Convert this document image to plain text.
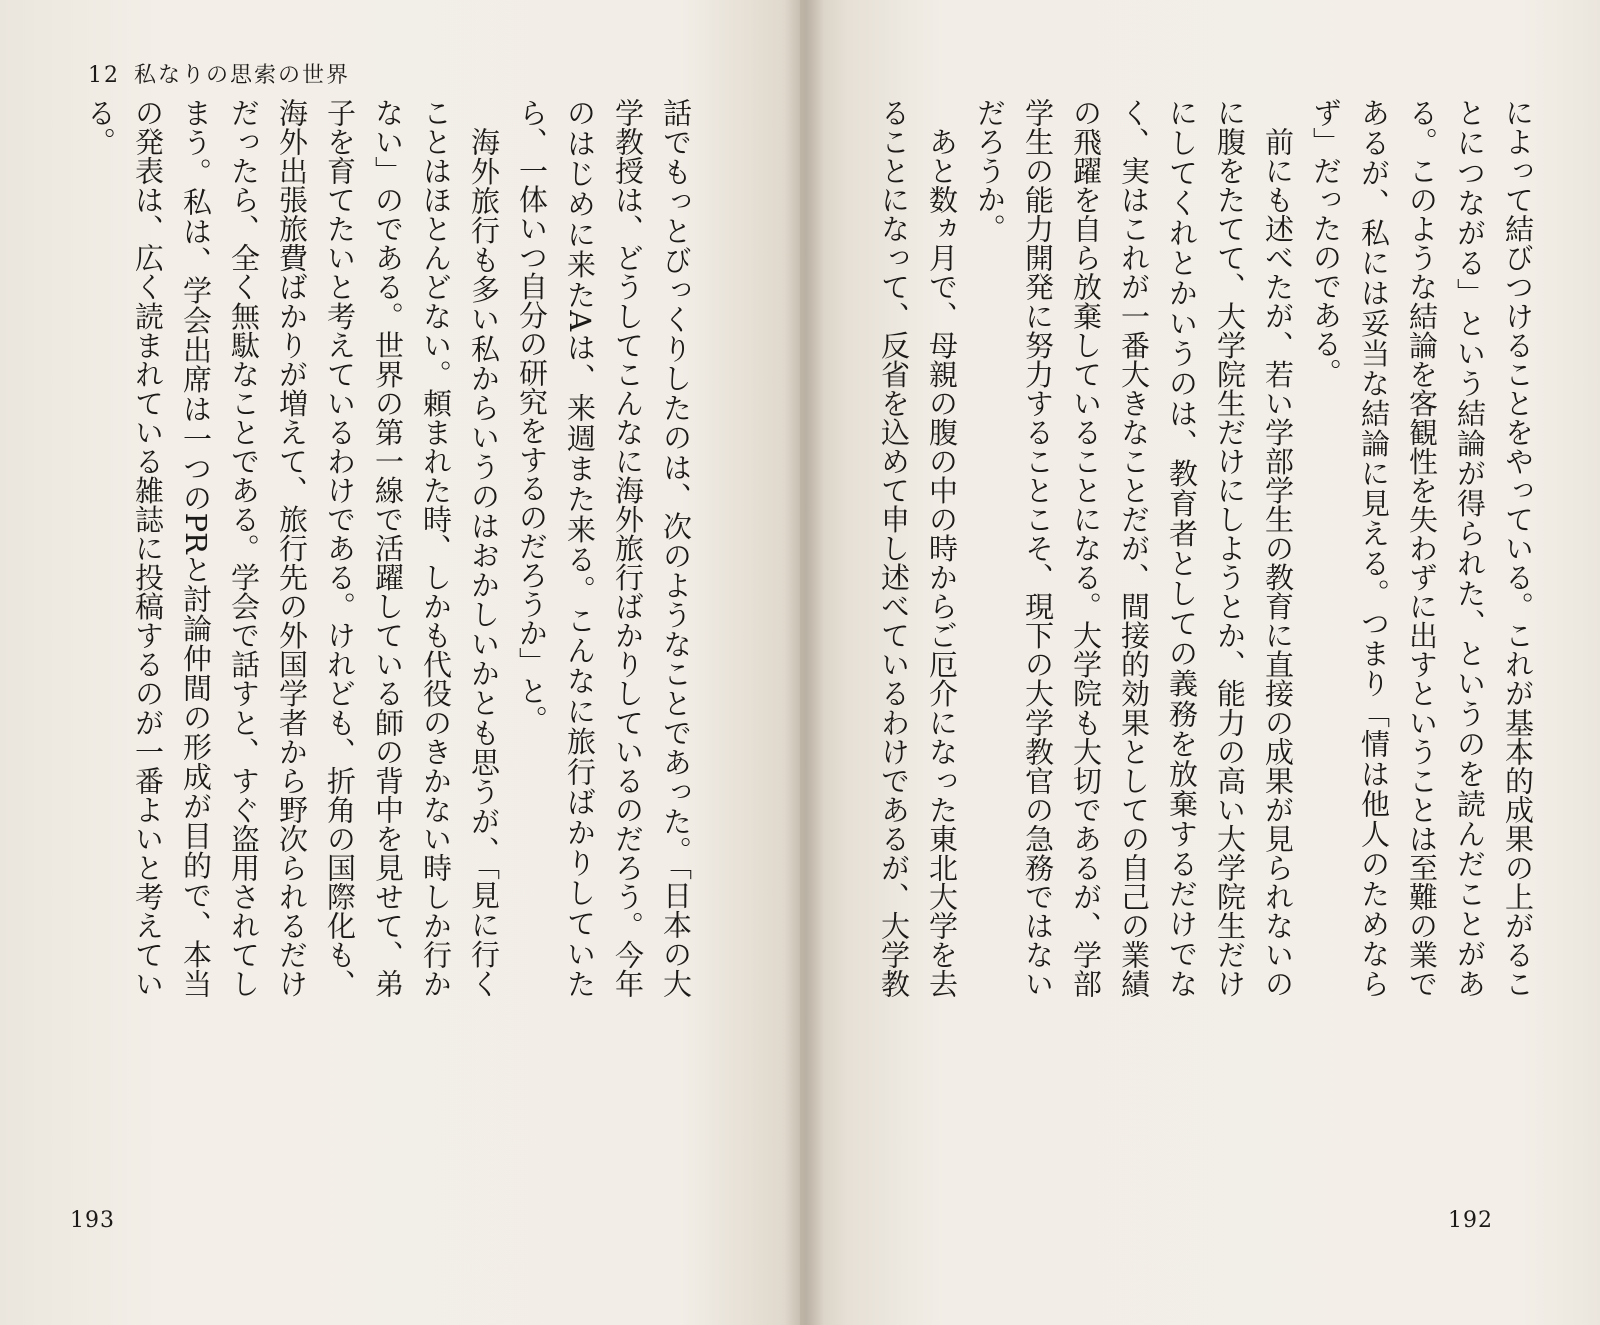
12 私なりの思索の世界

話でもっとびっくりしたのは、次のようなことであった。「日本の大学教授は、どうしてこんなに海外旅行ばかりしているのだろう。今年のはじめに来たAは、来週また来る。こんなに旅行ばかりしていたら、一体いつ自分の研究をするのだろうか」と。

海外旅行も多い私からいうのはおかしいかとも思うが、「見に行くことはほとんどない。頼まれた時、しかも代役のきかない時しか行かない」のである。世界の第一線で活躍している師の背中を見せて、弟子を育てたいと考えているわけである。けれども、折角の国際化も、海外出張旅費ばかりが増えて、旅行先の外国学者から野次られるだけだったら、全く無駄なことである。学会で話すと、すぐ盗用されてしまう。私は、学会出席は一つのPRと討論仲間の形成が目的で、本当の発表は、広く読まれている雑誌に投稿するのが一番よいと考えている。

193

によって結びつけることをやっている。これが基本的成果の上がることにつながる」という結論が得られた、というのを読んだことがある。このような結論を客観性を失わずに出すということは至難の業であるが、私には妥当な結論に見える。つまり「情は他人のためならず」だったのである。

前にも述べたが、若い学部学生の教育に直接の成果が見られないのに腹をたてて、大学院生だけにしようとか、能力の高い大学院生だけにしてくれとかいうのは、教育者としての義務を放棄するだけでなく、実はこれが一番大きなことだが、間接的効果としての自己の業績の飛躍を自ら放棄していることになる。大学院も大切であるが、学部学生の能力開発に努力することこそ、現下の大学教官の急務ではないだろうか。

あと数ヵ月で、母親の腹の中の時からご厄介になった東北大学を去ることになって、反省を込めて申し述べているわけであるが、大学教

192
